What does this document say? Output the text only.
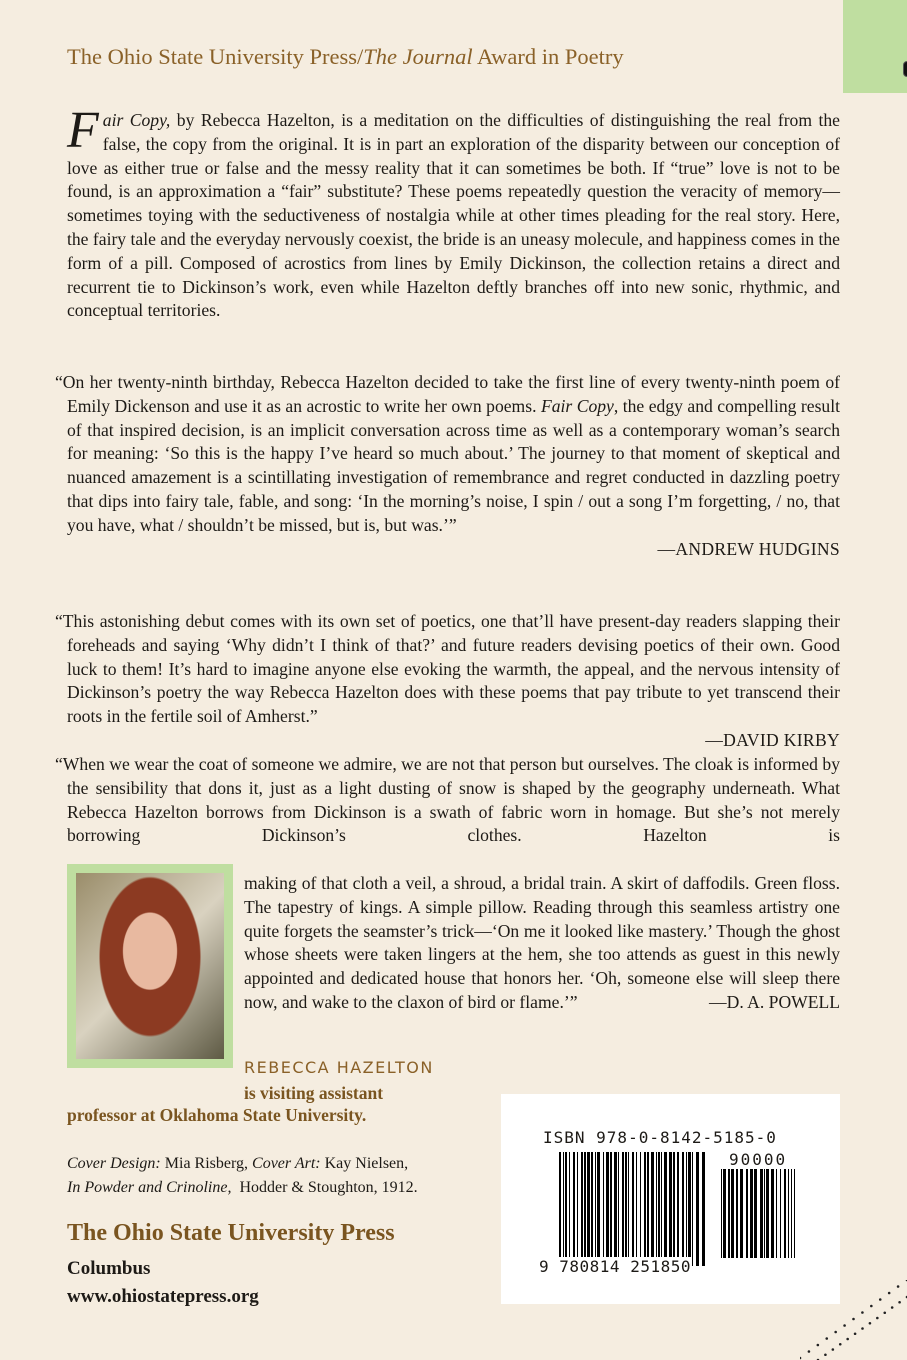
The Ohio State University Press/The Journal Award in Poetry
Fair Copy, by Rebecca Hazelton, is a meditation on the difficulties of distinguishing the real from the false, the copy from the original. It is in part an exploration of the disparity between our conception of love as either true or false and the messy reality that it can sometimes be both. If “true” love is not to be found, is an approximation a “fair” substitute? These poems repeatedly question the veracity of memory—sometimes toying with the seductiveness of nostalgia while at other times pleading for the real story. Here, the fairy tale and the everyday nervously coexist, the bride is an uneasy molecule, and happiness comes in the form of a pill. Composed of acrostics from lines by Emily Dickinson, the collection retains a direct and recurrent tie to Dickinson’s work, even while Hazelton deftly branches off into new sonic, rhythmic, and conceptual territories.

“On her twenty-ninth birthday, Rebecca Hazelton decided to take the first line of every twenty-ninth poem of Emily Dickenson and use it as an acrostic to write her own poems. Fair Copy, the edgy and compelling result of that inspired decision, is an implicit conversation across time as well as a contemporary woman’s search for meaning: ‘So this is the happy I’ve heard so much about.’ The journey to that moment of skeptical and nuanced amazement is a scintillating investigation of remembrance and regret conducted in dazzling poetry that dips into fairy tale, fable, and song: ‘In the morning’s noise, I spin / out a song I’m forgetting, / no, that you have, what / shouldn’t be missed, but is, but was.’”

—ANDREW HUDGINS

“This astonishing debut comes with its own set of poetics, one that’ll have present-day readers slapping their foreheads and saying ‘Why didn’t I think of that?’ and future readers devising poetics of their own. Good luck to them! It’s hard to imagine anyone else evoking the warmth, the appeal, and the nervous intensity of Dickinson’s poetry the way Rebecca Hazelton does with these poems that pay tribute to yet transcend their roots in the fertile soil of Amherst.”

—DAVID KIRBY

“When we wear the coat of someone we admire, we are not that person but ourselves. The cloak is informed by the sensibility that dons it, just as a light dusting of snow is shaped by the geography underneath. What Rebecca Hazelton borrows from Dickinson is a swath of fabric worn in homage. But she’s not merely borrowing Dickinson’s clothes. Hazelton is

making of that cloth a veil, a shroud, a bridal train. A skirt of daffodils. Green floss. The tapestry of kings. A simple pillow. Reading through this seamless artistry one quite forgets the seamster’s trick—‘On me it looked like mastery.’ Though the ghost whose sheets were taken lingers at the hem, she too attends as guest in this newly appointed and dedicated house that honors her. ‘Oh, someone else will sleep there now, and wake to the claxon of bird or flame.’”	—D. A. POWELL

REBECCA HAZELTON
is visiting assistant
professor at Oklahoma State University.
Cover Design: Mia Risberg, Cover Art: Kay Nielsen,
In Powder and Crinoline,  Hodder & Stoughton, 1912.
The Ohio State University Press
Columbus
www.ohiostatepress.org
ISBN 978-0-8142-5185-0
90000
9 780814 251850
